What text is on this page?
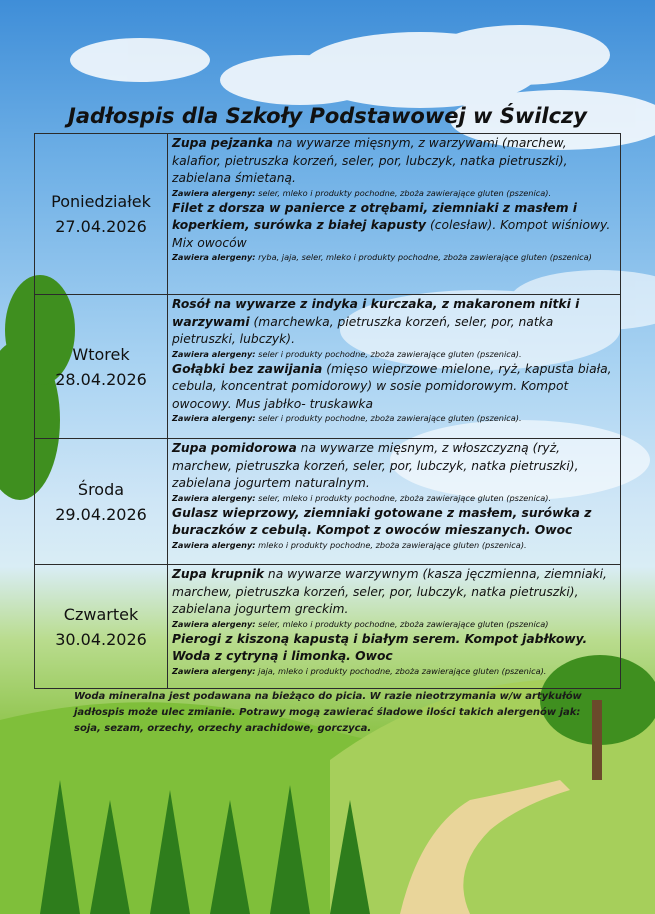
Jadłospis dla Szkoły Podstawowej w Świlczy
Poniedziałek
27.04.2026	Zupa pejzanka na wywarze mięsnym, z warzywami (marchew, kalafior, pietruszka korzeń, seler, por, lubczyk, natka pietruszki), zabielana śmietaną.
Zawiera alergeny: seler, mleko i produkty pochodne, zboża zawierające gluten (pszenica).
Filet z dorsza w panierce z otrębami, ziemniaki z masłem i koperkiem, surówka z białej kapusty (colesław). Kompot wiśniowy. Mix owoców
Zawiera alergeny: ryba, jaja, seler, mleko i produkty pochodne, zboża zawierające gluten (pszenica)

Wtorek
28.04.2026	Rosół na wywarze z indyka i kurczaka, z makaronem nitki i warzywami (marchewka, pietruszka korzeń, seler, por, natka pietruszki, lubczyk).
Zawiera alergeny: seler i produkty pochodne, zboża zawierające gluten (pszenica).
Gołąbki bez zawijania (mięso wieprzowe mielone, ryż, kapusta biała, cebula, koncentrat pomidorowy) w sosie pomidorowym. Kompot owocowy. Mus jabłko- truskawka
Zawiera alergeny: seler i produkty pochodne, zboża zawierające gluten (pszenica).

Środa
29.04.2026	Zupa pomidorowa na wywarze mięsnym, z włoszczyzną (ryż, marchew, pietruszka korzeń, seler, por, lubczyk, natka pietruszki), zabielana jogurtem naturalnym.
Zawiera alergeny: seler, mleko i produkty pochodne, zboża zawierające gluten (pszenica).
Gulasz wieprzowy, ziemniaki gotowane z masłem, surówka z buraczków z cebulą. Kompot z owoców mieszanych. Owoc
Zawiera alergeny: mleko i produkty pochodne, zboża zawierające gluten (pszenica).

Czwartek
30.04.2026	Zupa krupnik na wywarze warzywnym (kasza jęczmienna, ziemniaki, marchew, pietruszka korzeń, seler, por, lubczyk, natka pietruszki), zabielana jogurtem greckim.
Zawiera alergeny: seler, mleko i produkty pochodne, zboża zawierające gluten (pszenica)
Pierogi z kiszoną kapustą i białym serem. Kompot jabłkowy. Woda z cytryną i limonką. Owoc
Zawiera alergeny: jaja, mleko i produkty pochodne, zboża zawierające gluten (pszenica).
Woda mineralna jest podawana na bieżąco do picia. W razie nieotrzymania w/w artykułów jadłospis może ulec zmianie. Potrawy mogą zawierać śladowe ilości takich alergenów jak: soja, sezam, orzechy, orzechy arachidowe, gorczyca.
